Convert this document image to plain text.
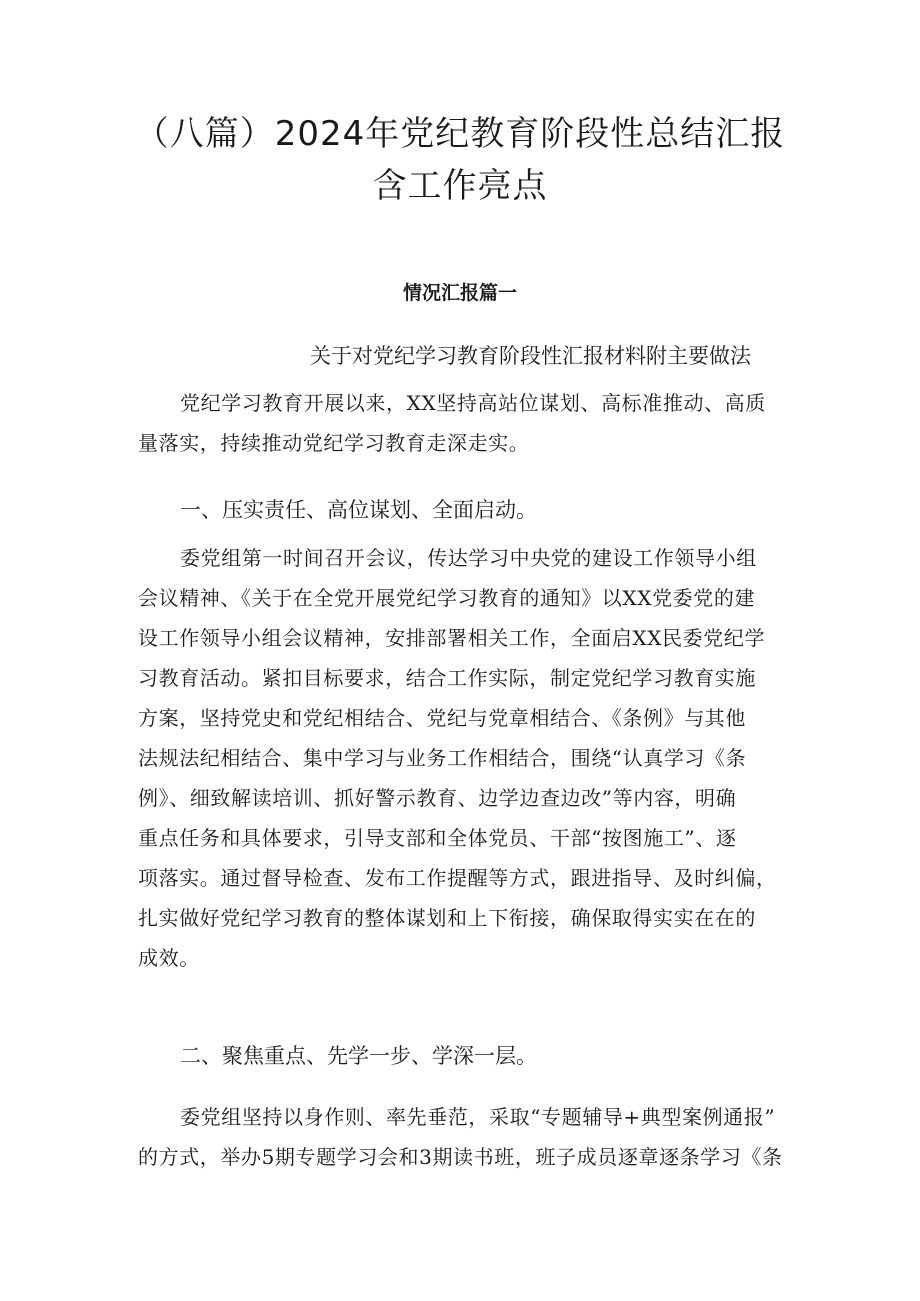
（八篇）2024年党纪教育阶段性总结汇报
含工作亮点

情况汇报篇一

关于对党纪学习教育阶段性汇报材料附主要做法

党纪学习教育开展以来，XX坚持高站位谋划、高标准推动、高质
量落实，持续推动党纪学习教育走深走实。

一、压实责任、高位谋划、全面启动。

委党组第一时间召开会议，传达学习中央党的建设工作领导小组
会议精神、《关于在全党开展党纪学习教育的通知》以XX党委党的建
设工作领导小组会议精神，安排部署相关工作，全面启XX民委党纪学
习教育活动。紧扣目标要求，结合工作实际，制定党纪学习教育实施
方案，坚持党史和党纪相结合、党纪与党章相结合、《条例》与其他
法规法纪相结合、集中学习与业务工作相结合，围绕“认真学习《条
例》、细致解读培训、抓好警示教育、边学边查边改”等内容，明确
重点任务和具体要求，引导支部和全体党员、干部“按图施工”、逐
项落实。通过督导检查、发布工作提醒等方式，跟进指导、及时纠偏，
扎实做好党纪学习教育的整体谋划和上下衔接，确保取得实实在在的
成效。

二、聚焦重点、先学一步、学深一层。

委党组坚持以身作则、率先垂范，采取“专题辅导+典型案例通报”
的方式，举办5期专题学习会和3期读书班，班子成员逐章逐条学习《条
